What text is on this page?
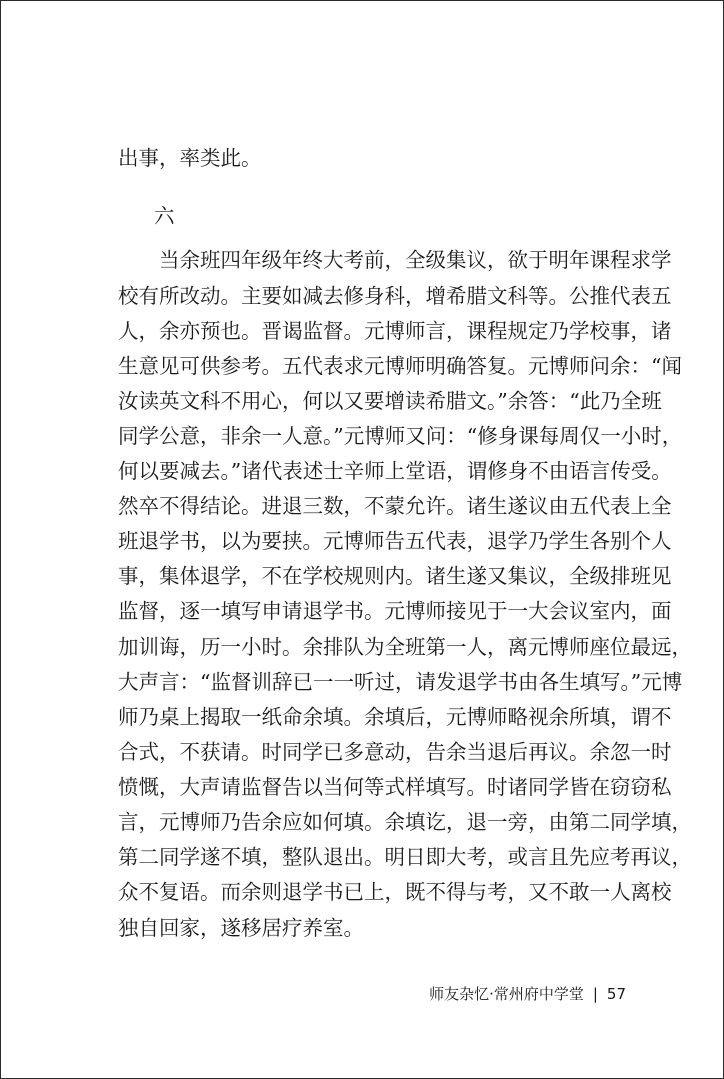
出事，率类此。
六
　　当余班四年级年终大考前，全级集议，欲于明年课程求学
校有所改动。主要如减去修身科，增希腊文科等。公推代表五
人，余亦预也。晋谒监督。元博师言，课程规定乃学校事，诸
生意见可供参考。五代表求元博师明确答复。元博师问余：“闻
汝读英文科不用心，何以又要增读希腊文。”余答：“此乃全班
同学公意，非余一人意。”元博师又问：“修身课每周仅一小时，
何以要减去。”诸代表述士辛师上堂语，谓修身不由语言传受。
然卒不得结论。进退三数，不蒙允许。诸生遂议由五代表上全
班退学书，以为要挟。元博师告五代表，退学乃学生各别个人
事，集体退学，不在学校规则内。诸生遂又集议，全级排班见
监督，逐一填写申请退学书。元博师接见于一大会议室内，面
加训诲，历一小时。余排队为全班第一人，离元博师座位最远，
大声言：“监督训辞已一一听过，请发退学书由各生填写。”元博
师乃桌上揭取一纸命余填。余填后，元博师略视余所填，谓不
合式，不获请。时同学已多意动，告余当退后再议。余忽一时
愤慨，大声请监督告以当何等式样填写。时诸同学皆在窃窃私
言，元博师乃告余应如何填。余填讫，退一旁，由第二同学填，
第二同学遂不填，整队退出。明日即大考，或言且先应考再议，
众不复语。而余则退学书已上，既不得与考，又不敢一人离校
独自回家，遂移居疗养室。
师友杂忆·常州府中学堂 | 57
